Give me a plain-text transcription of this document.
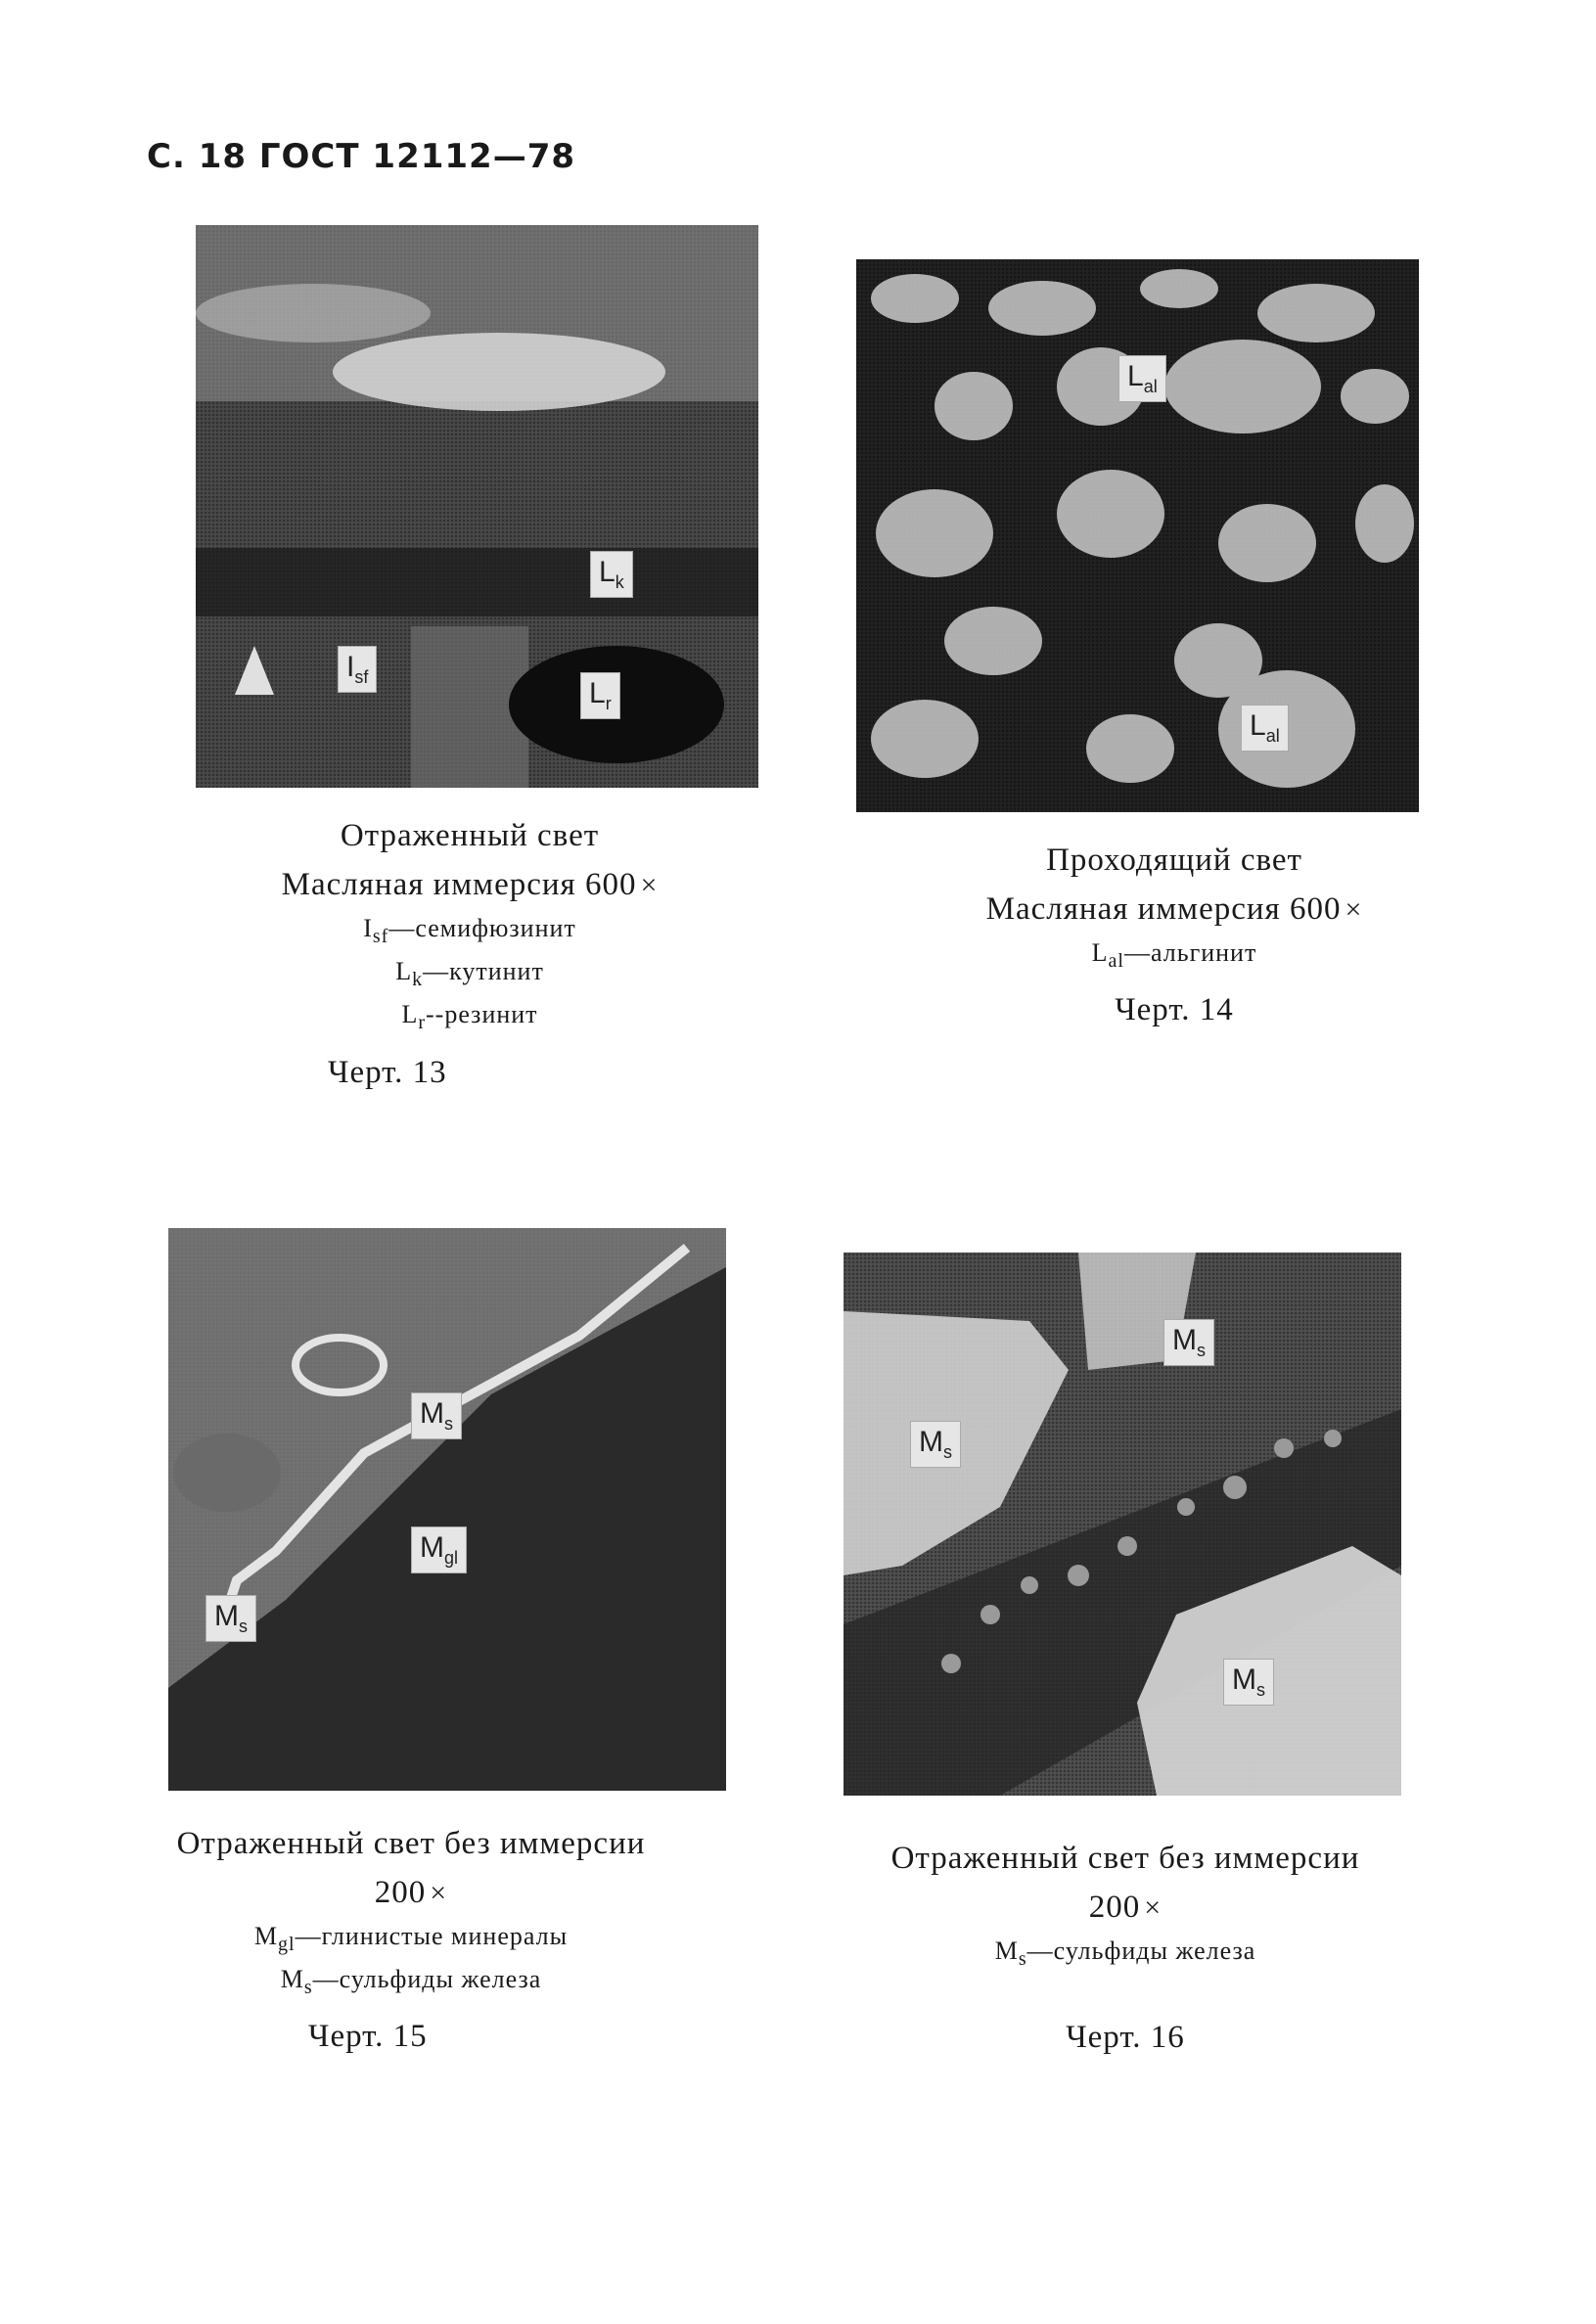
С. 18 ГОСТ 12112—78
$L_k$
$I_{sf}$	$L_r$
$L_{al}$
$L_{al}$
$M_s$
$M_{gl}$
$M_s$
$M_s$
$M_s$
$M_s$
Отраженный свет
Масляная иммерсия 600 ×
$I_{sf}—семифюзинит$
$L_k—кутинит$
$L_r-$-резинит
Черт. 13
Проходящий свет
Масляная иммерсия 600 ×
$L_{al}—альгинит$
Черт. 14
Отраженный свет без иммерсии
200 ×
$M_{gl}—глинистые$ минералы
$M_s—сульфиды$ железа
Черт. 15
Отраженный свет без иммерсии
200 ×
$M_s—сульфиды$ железа
Черт. 16
